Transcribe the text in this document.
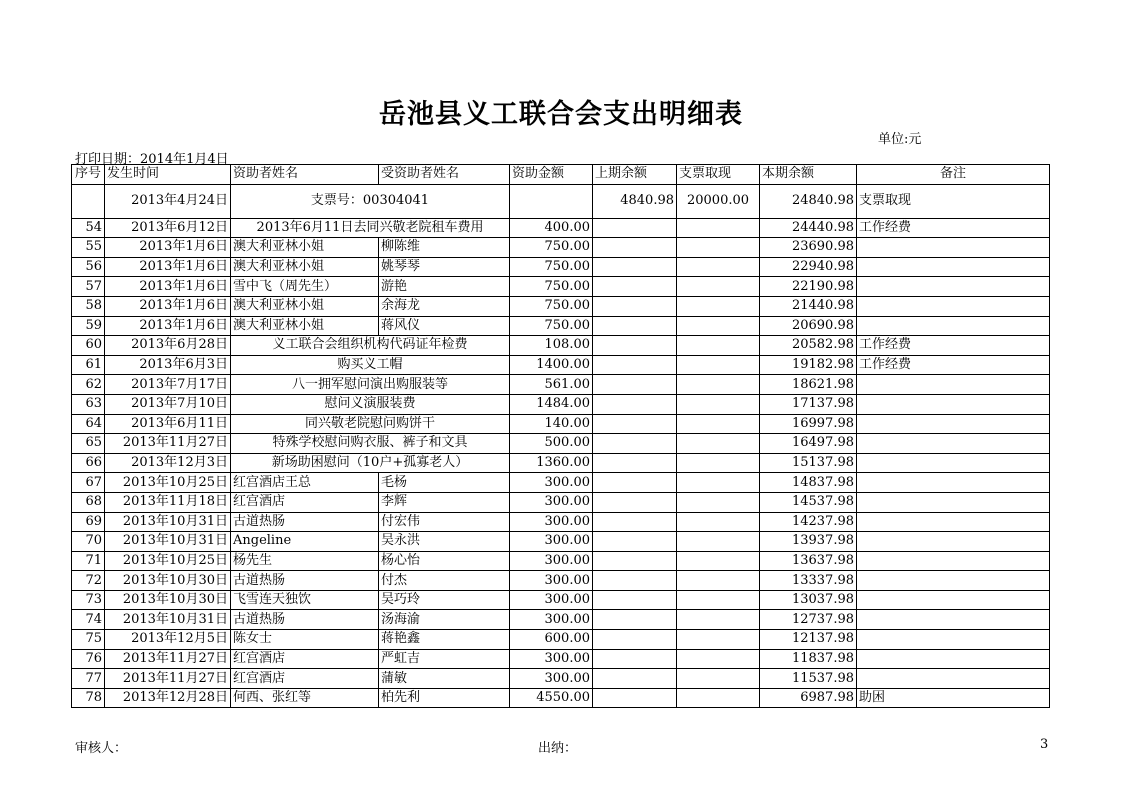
岳池县义工联合会支出明细表
单位:元
打印日期：2014年1月4日
序号	发生时间	资助者姓名	受资助者姓名	资助金额	上期余额	支票取现	本期余额	备注
	2013年4月24日	支票号：00304041			4840.98	20000.00	24840.98	支票取现
54	2013年6月12日	2013年6月11日去同兴敬老院租车费用		400.00			24440.98	工作经费
55	2013年1月6日	澳大利亚林小姐	柳陈维	750.00			23690.98	
56	2013年1月6日	澳大利亚林小姐	姚琴琴	750.00			22940.98	
57	2013年1月6日	雪中飞（周先生）	游艳	750.00			22190.98	
58	2013年1月6日	澳大利亚林小姐	余海龙	750.00			21440.98	
59	2013年1月6日	澳大利亚林小姐	蒋风仪	750.00			20690.98	
60	2013年6月28日	义工联合会组织机构代码证年检费		108.00			20582.98	工作经费
61	2013年6月3日	购买义工帽		1400.00			19182.98	工作经费
62	2013年7月17日	八一拥军慰问演出购服装等		561.00			18621.98	
63	2013年7月10日	慰问义演服装费		1484.00			17137.98	
64	2013年6月11日	同兴敬老院慰问购饼干		140.00			16997.98	
65	2013年11月27日	特殊学校慰问购衣服、裤子和文具		500.00			16497.98	
66	2013年12月3日	新场助困慰问（10户+孤寡老人）		1360.00			15137.98	
67	2013年10月25日	红宫酒店王总	毛杨	300.00			14837.98	
68	2013年11月18日	红宫酒店	李辉	300.00			14537.98	
69	2013年10月31日	古道热肠	付宏伟	300.00			14237.98	
70	2013年10月31日	Angeline	吴永洪	300.00			13937.98	
71	2013年10月25日	杨先生	杨心怡	300.00			13637.98	
72	2013年10月30日	古道热肠	付杰	300.00			13337.98	
73	2013年10月30日	飞雪连天独饮	吴巧玲	300.00			13037.98	
74	2013年10月31日	古道热肠	汤海渝	300.00			12737.98	
75	2013年12月5日	陈女士	蒋艳鑫	600.00			12137.98	
76	2013年11月27日	红宫酒店	严虹吉	300.00			11837.98	
77	2013年11月27日	红宫酒店	蒲敏	300.00			11537.98	
78	2013年12月28日	何西、张红等	柏先利	4550.00			6987.98	助困
审核人：	出纳：	3
